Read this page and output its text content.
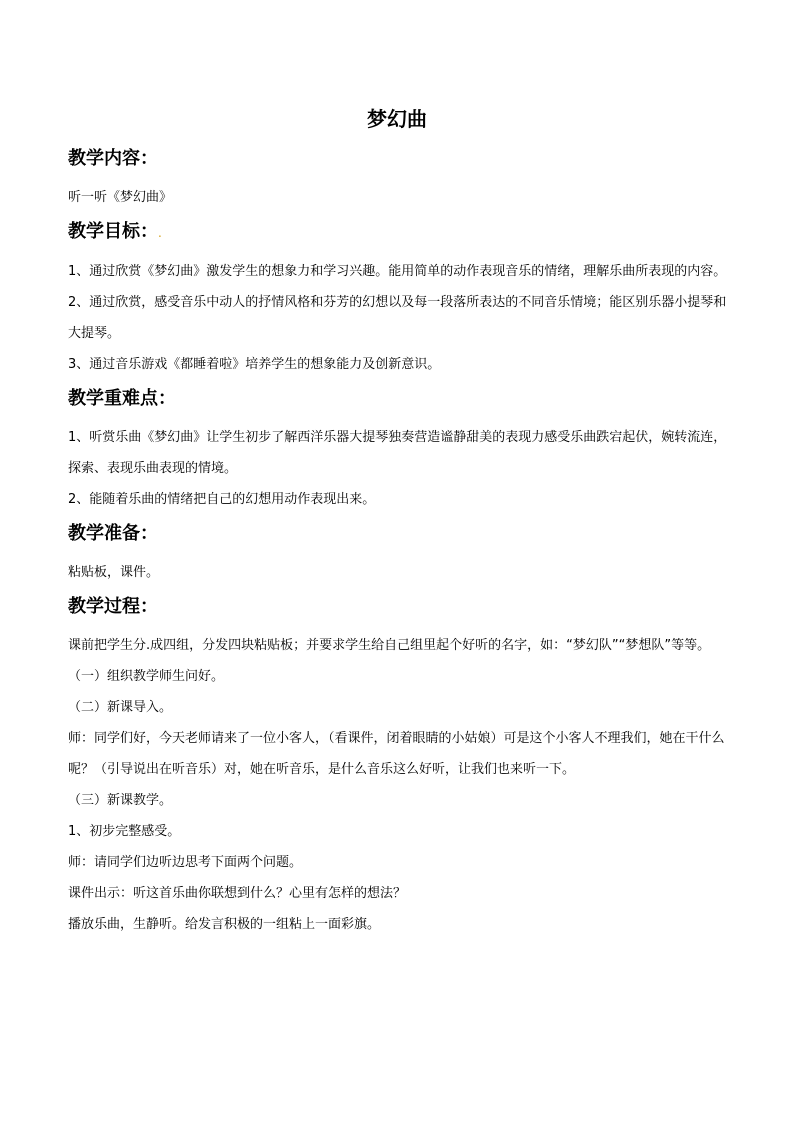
梦幻曲
教学内容：

听一听《梦幻曲》

教学目标：.

1、通过欣赏《梦幻曲》激发学生的想象力和学习兴趣。能用简单的动作表现音乐的情绪，理解乐曲所表现的内容。

2、通过欣赏，感受音乐中动人的抒情风格和芬芳的幻想以及每一段落所表达的不同音乐情境；能区别乐器小提琴和大提琴。

3、通过音乐游戏《都睡着啦》培养学生的想象能力及创新意识。

教学重难点：

1、听赏乐曲《梦幻曲》让学生初步了解西洋乐器大提琴独奏营造谧静甜美的表现力感受乐曲跌宕起伏，婉转流连，探索、表现乐曲表现的情境。

2、能随着乐曲的情绪把自己的幻想用动作表现出来。

教学准备：

粘贴板，课件。

教学过程：

课前把学生分.成四组，分发四块粘贴板；并要求学生给自己组里起个好听的名字，如：“梦幻队”“梦想队”等等。

（一）组织教学师生问好。

（二）新课导入。

师：同学们好，今天老师请来了一位小客人，（看课件，闭着眼睛的小姑娘）可是这个小客人不理我们，她在干什么呢？（引导说出在听音乐）对，她在听音乐，是什么音乐这么好听，让我们也来听一下。

（三）新课教学。

1、初步完整感受。

师：请同学们边听边思考下面两个问题。

课件出示：听这首乐曲你联想到什么？心里有怎样的想法？

播放乐曲，生静听。给发言积极的一组粘上一面彩旗。
